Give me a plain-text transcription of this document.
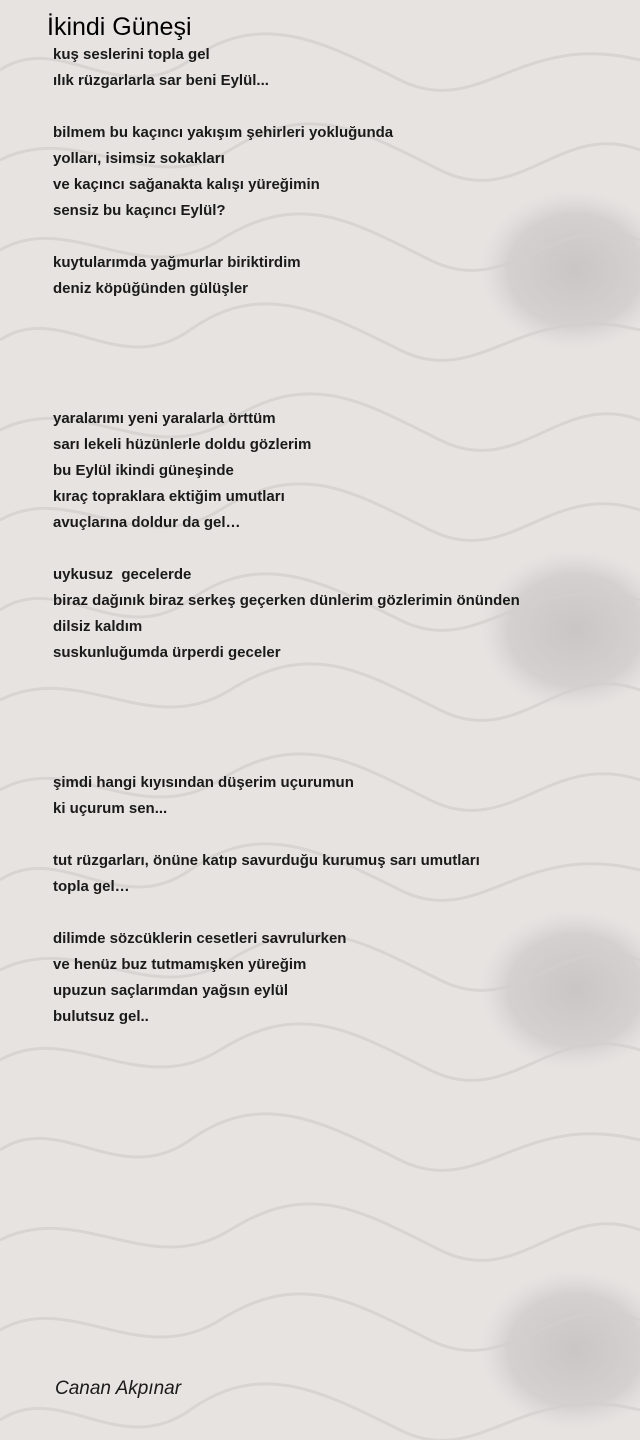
İkindi Güneşi
kuş seslerini topla gel
ılık rüzgarlarla sar beni Eylül...
bilmem bu kaçıncı yakışım şehirleri yokluğunda
yolları, isimsiz sokakları
ve kaçıncı sağanakta kalışı yüreğimin
sensiz bu kaçıncı Eylül?
kuytularımda yağmurlar biriktirdim
deniz köpüğünden gülüşler
yaralarımı yeni yaralarla örttüm
sarı lekeli hüzünlerle doldu gözlerim
bu Eylül ikindi güneşinde
kıraç topraklara ektiğim umutları
avuçlarına doldur da gel…
uykusuz  gecelerde
biraz dağınık biraz serkeş geçerken dünlerim gözlerimin önünden
dilsiz kaldım
suskunluğumda ürperdi geceler
şimdi hangi kıyısından düşerim uçurumun
ki uçurum sen...
tut rüzgarları, önüne katıp savurduğu kurumuş sarı umutları
topla gel…
dilimde sözcüklerin cesetleri savrulurken
ve henüz buz tutmamışken yüreğim
upuzun saçlarımdan yağsın eylül
bulutsuz gel..
Canan Akpınar
